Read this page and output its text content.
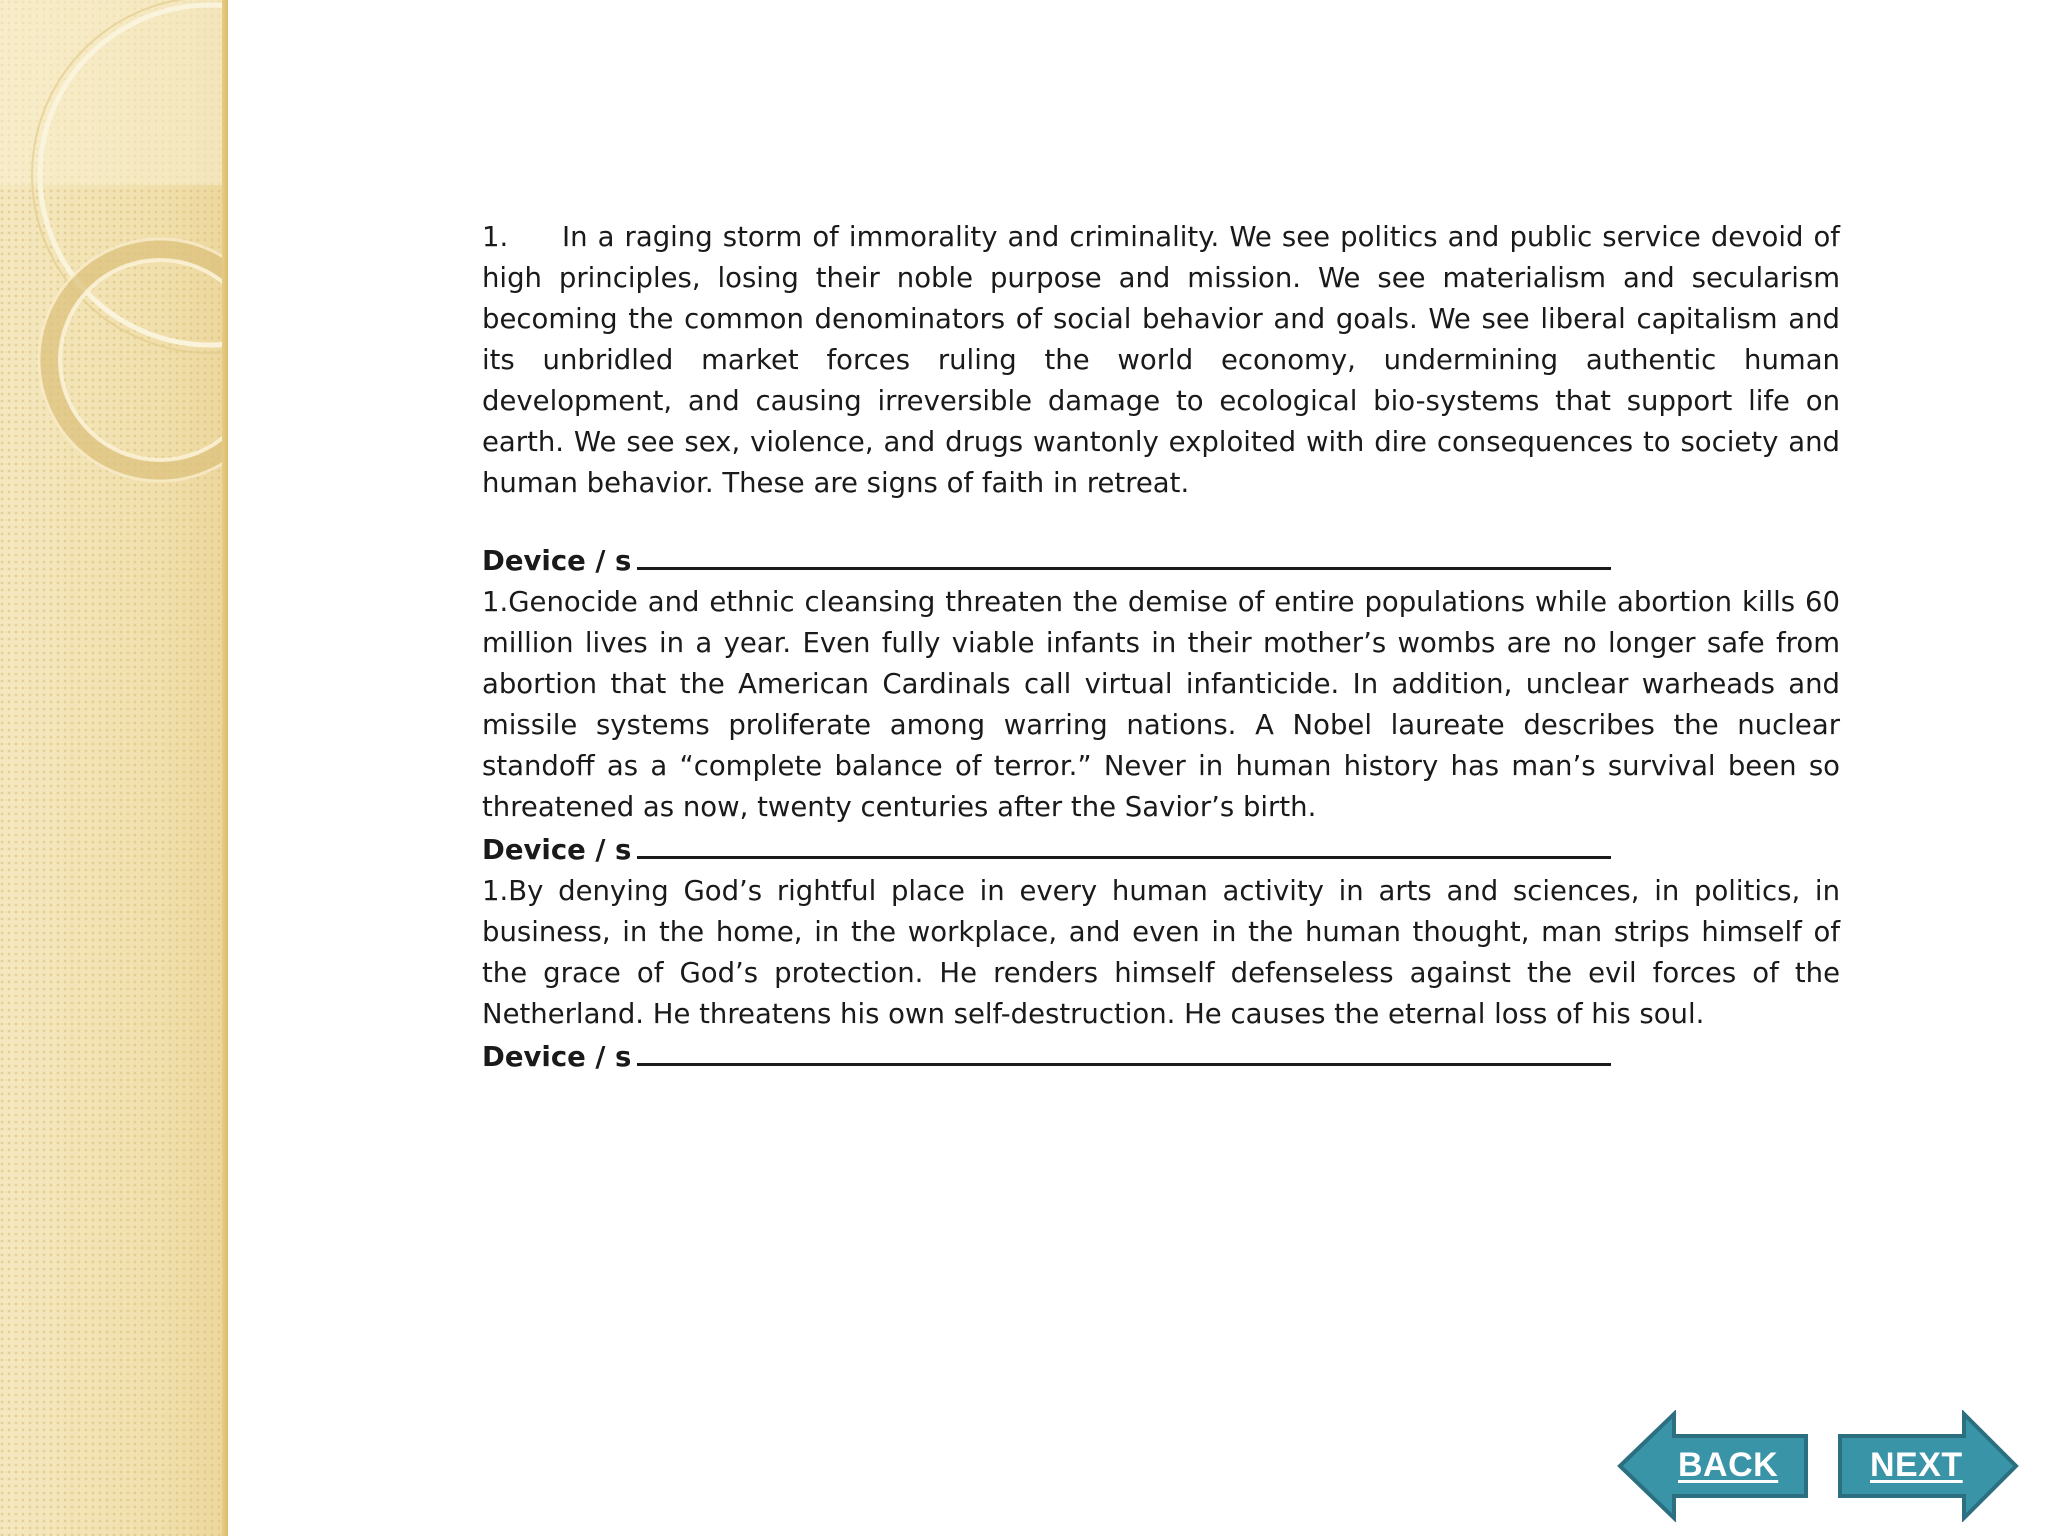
1. In a raging storm of immorality and criminality. We see politics and public service devoid of high principles, losing their noble purpose and mission. We see materialism and secularism becoming the common denominators of social behavior and goals. We see liberal capitalism and its unbridled market forces ruling the world economy, undermining authentic human development, and causing irreversible damage to ecological bio-systems that support life on earth. We see sex, violence, and drugs wantonly exploited with dire consequences to society and human behavior. These are signs of faith in retreat.

Device / s

1.Genocide and ethnic cleansing threaten the demise of entire populations while abortion kills 60 million lives in a year. Even fully viable infants in their mother’s wombs are no longer safe from abortion that the American Cardinals call virtual infanticide. In addition, unclear warheads and missile systems proliferate among warring nations. A Nobel laureate describes the nuclear standoff as a “complete balance of terror.” Never in human history has man’s survival been so threatened as now, twenty centuries after the Savior’s birth.

Device / s

1.By denying God’s rightful place in every human activity in arts and sciences, in politics, in business, in the home, in the workplace, and even in the human thought, man strips himself of the grace of God’s protection. He renders himself defenseless against the evil forces of the Netherland. He threatens his own self-destruction. He causes the eternal loss of his soul.

Device / s

BACK	NEXT
